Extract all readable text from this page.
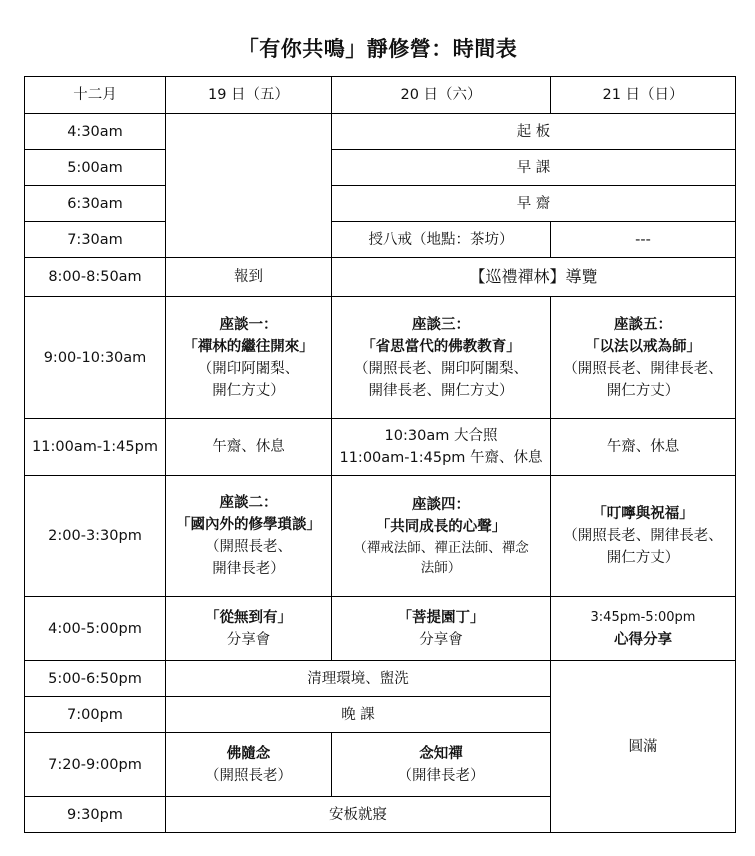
「有你共鳴」靜修營：時間表
十二月	19 日（五）	20 日（六）	21 日（日）
4:30am		起 板	
5:00am		早 課	
6:30am		早 齋	
7:30am		授八戒（地點：茶坊）	---
8:00-8:50am	報到	【巡禮禪林】導覽	
9:00-10:30am	座談一：
「禪林的繼往開來」
（開印阿闍梨、
開仁方丈）	座談三：
「省思當代的佛教教育」
（開照長老、開印阿闍梨、
開律長老、開仁方丈）	座談五：
「以法以戒為師」
（開照長老、開律長老、
開仁方丈）

11:00am-1:45pm	午齋、休息	10:30am 大合照
11:00am-1:45pm 午齋、休息	午齋、休息
2:00-3:30pm	座談二：
「國內外的修學瑣談」
（開照長老、
開律長老）	座談四：
「共同成長的心聲」
（禪戒法師、禪正法師、禪念
法師）	「叮嚀與祝福」
（開照長老、開律長老、
開仁方丈）

4:00-5:00pm	「從無到有」
分享會	「菩提園丁」
分享會	3:45pm-5:00pm
心得分享

5:00-6:50pm	清理環境、盥洗		圓滿
7:00pm	晚 課		
7:20-9:00pm	佛隨念
（開照長老）	念知禪
（開律長老）	

9:30pm	安板就寢		
